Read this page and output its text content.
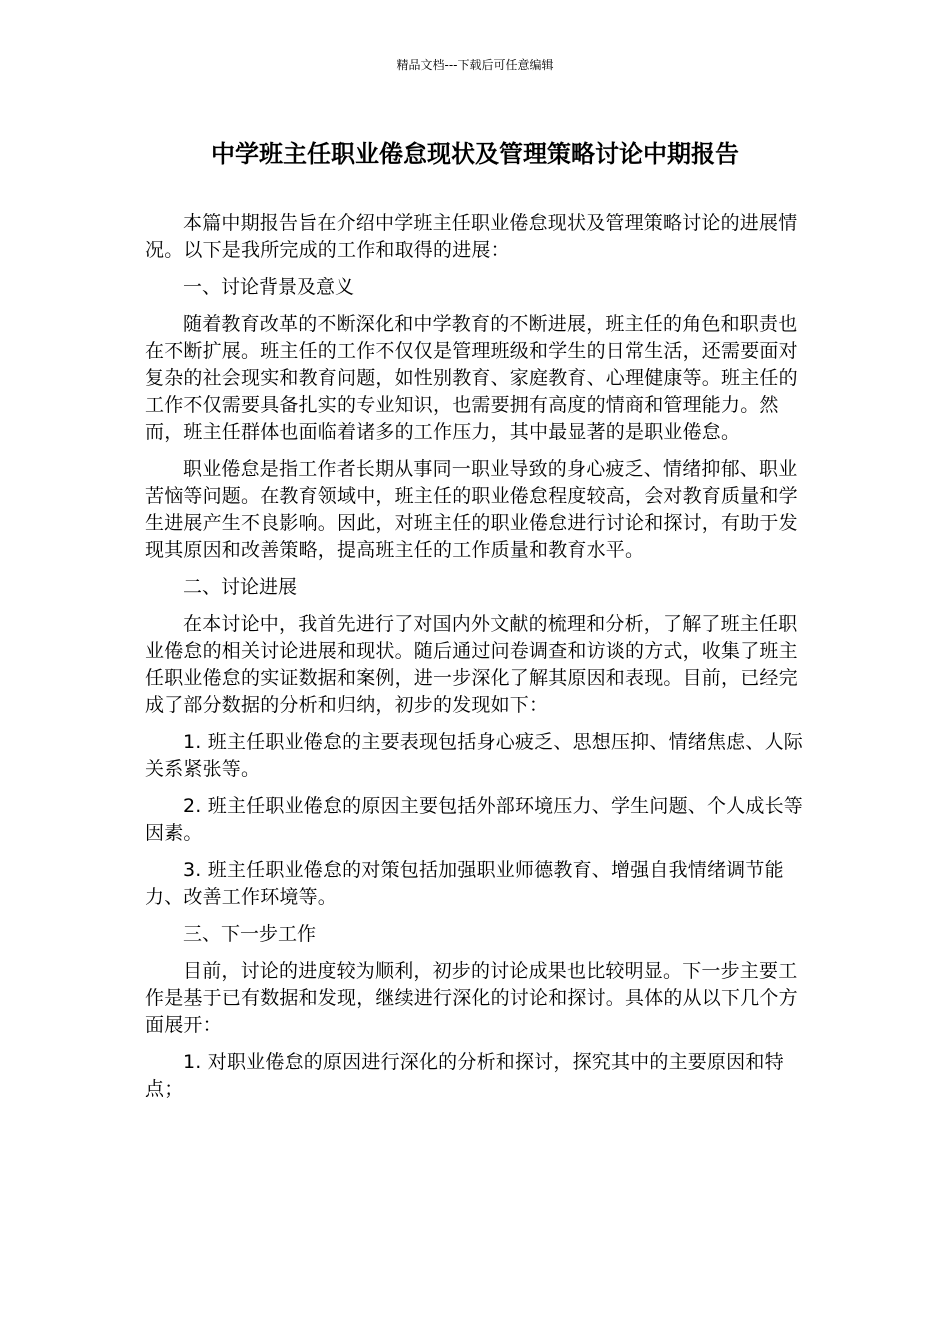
精品文档---下载后可任意编辑
中学班主任职业倦怠现状及管理策略讨论中期报告

本篇中期报告旨在介绍中学班主任职业倦怠现状及管理策略讨论的进展情况。以下是我所完成的工作和取得的进展：

一、讨论背景及意义

随着教育改革的不断深化和中学教育的不断进展，班主任的角色和职责也在不断扩展。班主任的工作不仅仅是管理班级和学生的日常生活，还需要面对复杂的社会现实和教育问题，如性别教育、家庭教育、心理健康等。班主任的工作不仅需要具备扎实的专业知识，也需要拥有高度的情商和管理能力。然而，班主任群体也面临着诸多的工作压力，其中最显著的是职业倦怠。

职业倦怠是指工作者长期从事同一职业导致的身心疲乏、情绪抑郁、职业苦恼等问题。在教育领域中，班主任的职业倦怠程度较高，会对教育质量和学生进展产生不良影响。因此，对班主任的职业倦怠进行讨论和探讨，有助于发现其原因和改善策略，提高班主任的工作质量和教育水平。

二、讨论进展

在本讨论中，我首先进行了对国内外文献的梳理和分析，了解了班主任职业倦怠的相关讨论进展和现状。随后通过问卷调查和访谈的方式，收集了班主任职业倦怠的实证数据和案例，进一步深化了解其原因和表现。目前，已经完成了部分数据的分析和归纳，初步的发现如下：

1. 班主任职业倦怠的主要表现包括身心疲乏、思想压抑、情绪焦虑、人际关系紧张等。

2. 班主任职业倦怠的原因主要包括外部环境压力、学生问题、个人成长等因素。

3. 班主任职业倦怠的对策包括加强职业师德教育、增强自我情绪调节能力、改善工作环境等。

三、下一步工作

目前，讨论的进度较为顺利，初步的讨论成果也比较明显。下一步主要工作是基于已有数据和发现，继续进行深化的讨论和探讨。具体的从以下几个方面展开：

1. 对职业倦怠的原因进行深化的分析和探讨，探究其中的主要原因和特点；
